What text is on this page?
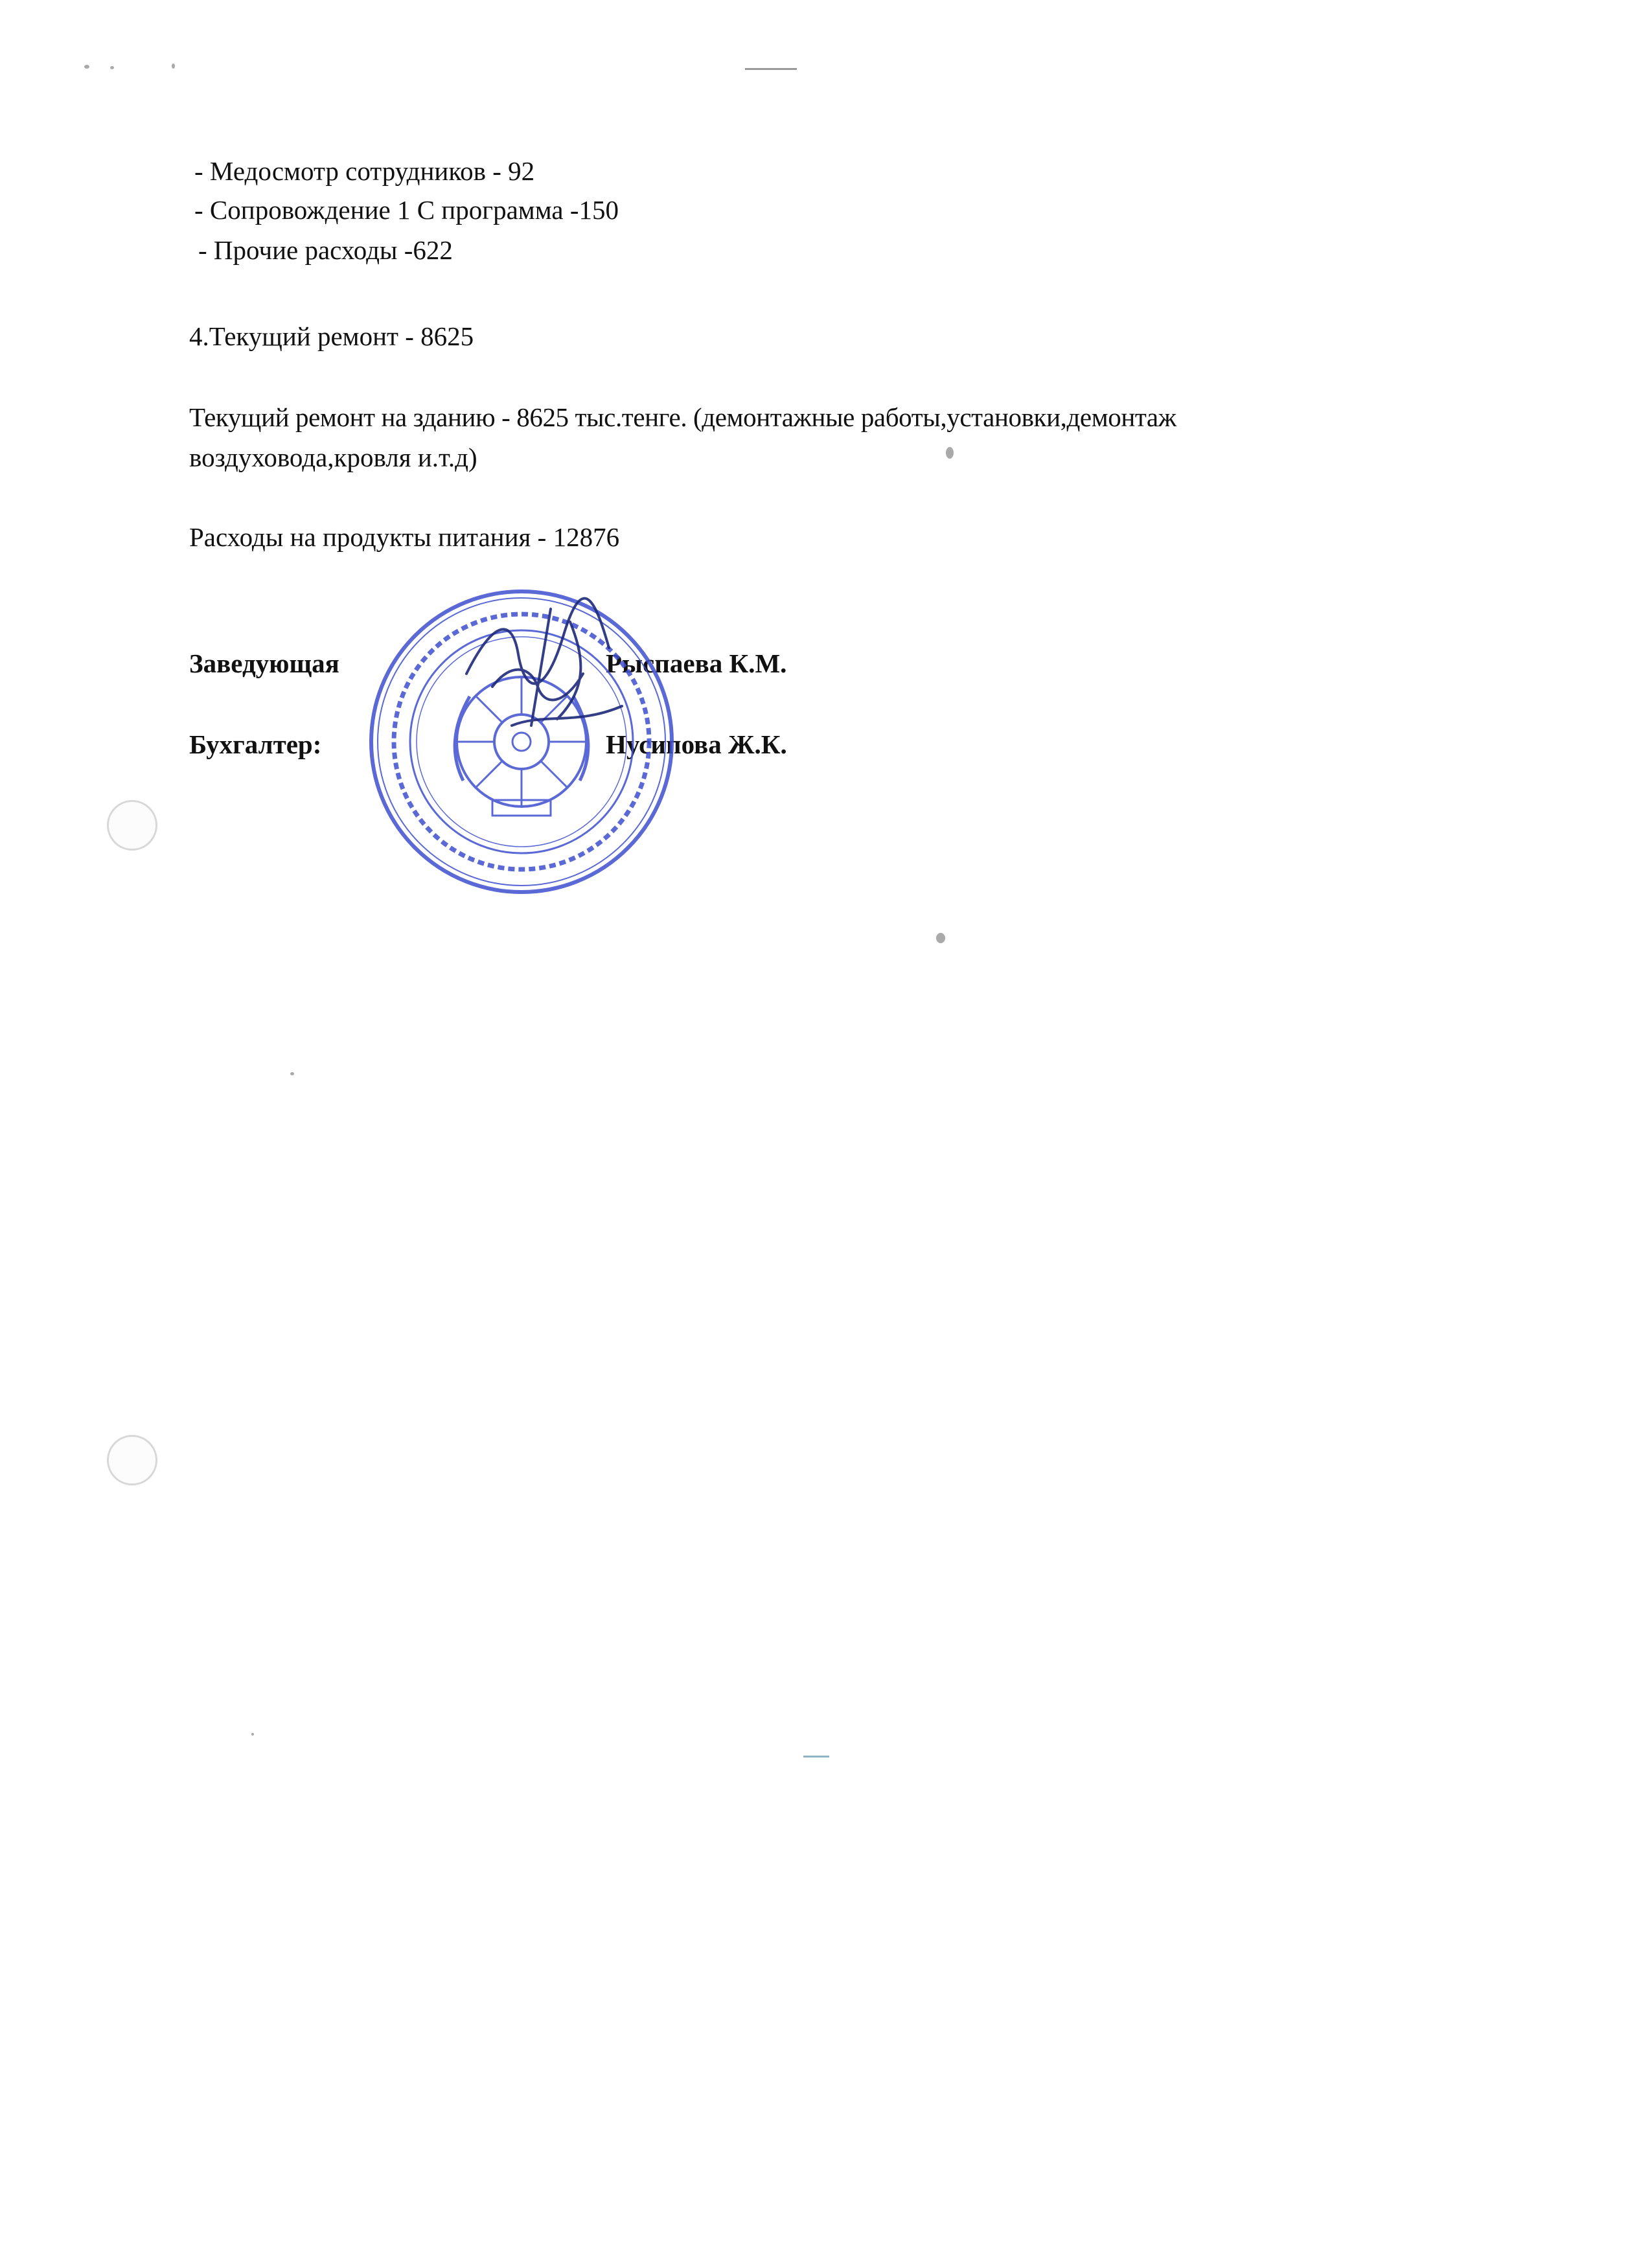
- Медосмотр сотрудников - 92
- Сопровождение 1 С программа -150
- Прочие расходы -622
4.Текущий ремонт - 8625
Текущий ремонт на зданию - 8625 тыс.тенге. (демонтажные работы,установки,демонтаж
воздуховода,кровля и.т.д)
Расходы на продукты питания - 12876
Заведующая	Рыспаева К.М.
Бухгалтер:	Нусипова Ж.К.
